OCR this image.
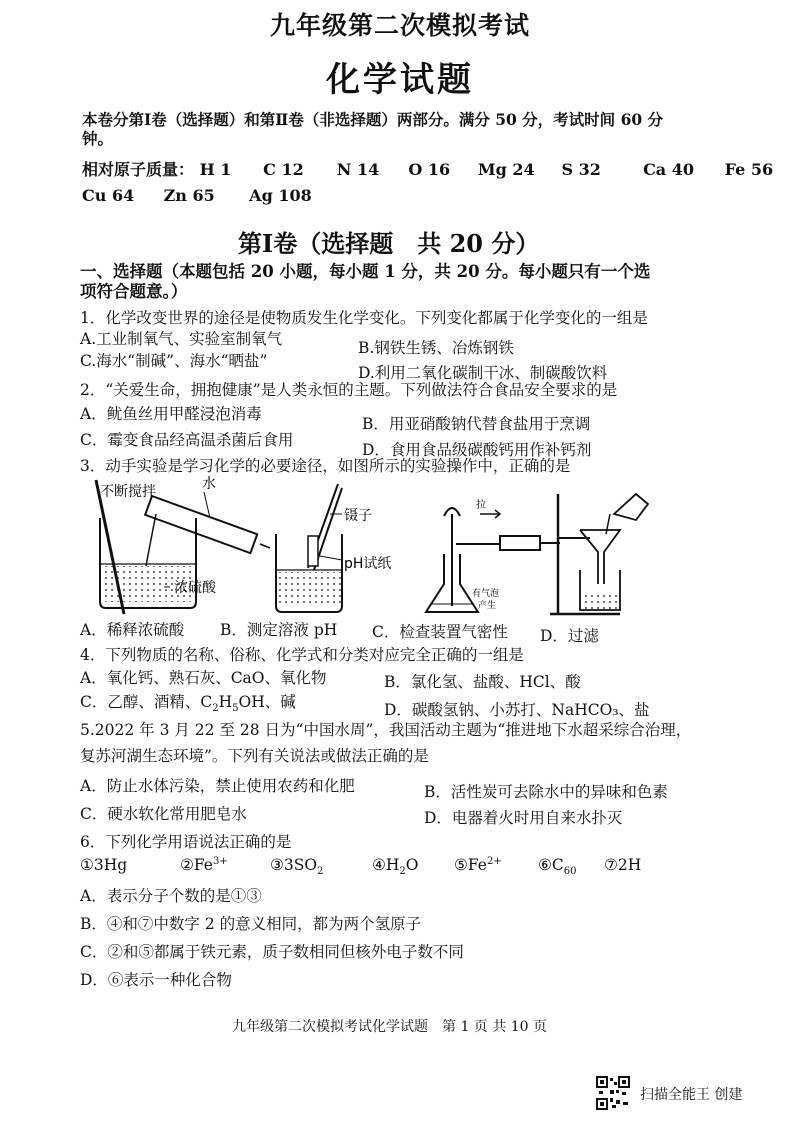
九年级第二次模拟考试
化学试题
本卷分第Ⅰ卷（选择题）和第Ⅱ卷（非选择题）两部分。满分 50 分，考试时间 60 分
钟。
相对原子质量： H 1 C 12 N 14 O 16 Mg 24 S 32	Ca 40 Fe 56
Cu 64 Zn 65 Ag 108
第Ⅰ卷（选择题　共 20 分）
一、选择题（本题包括 20 小题，每小题 1 分，共 20 分。每小题只有一个选
项符合题意。）
1．化学改变世界的途径是使物质发生化学变化。下列变化都属于化学变化的一组是
A.工业制氧气、实验室制氧气	B.钢铁生锈、冶炼钢铁
C.海水“制碱”、海水“晒盐”
D.利用二氧化碳制干冰、制碳酸饮料
2．“关爱生命，拥抱健康”是人类永恒的主题。下列做法符合食品安全要求的是
A．鱿鱼丝用甲醛浸泡消毒
B．用亚硝酸钠代替食盐用于烹调
C．霉变食品经高温杀菌后食用
D．食用食品级碳酸钙用作补钙剂
3．动手实验是学习化学的必要途径，如图所示的实验操作中，正确的是
不断搅拌	水
浓硫酸
镊子
pH试纸
拉
有气泡
产生
A．稀释浓硫酸 B．测定溶液 pH C．检查装置气密性 D．过滤
4．下列物质的名称、俗称、化学式和分类对应完全正确的一组是
A．氧化钙、熟石灰、CaO、氧化物	B．氯化氢、盐酸、HCl、酸
C．乙醇、酒精、$C_2H_5OH$、碱	D．碳酸氢钠、小苏打、NaHCO₃、盐
5.2022 年 3 月 22 至 28 日为“中国水周”，我国活动主题为“推进地下水超采综合治理，
复苏河湖生态环境”。下列有关说法或做法正确的是
A．防止水体污染，禁止使用农药和化肥	B．活性炭可去除水中的异味和色素
C．硬水软化常用肥皂水	D．电器着火时用自来水扑灭
6．下列化学用语说法正确的是
①3Hg	$②Fe^{3+}$	$③3SO_2$	$④H_2O$ $⑤Fe^{2+}$ $⑥C_{60}$ ⑦2H
A．表示分子个数的是①③
B．④和⑦中数字 2 的意义相同，都为两个氢原子
C．②和⑤都属于铁元素，质子数相同但核外电子数不同
D．⑥表示一种化合物
九年级第二次模拟考试化学试题　第 1 页 共 10 页
扫描全能王 创建
